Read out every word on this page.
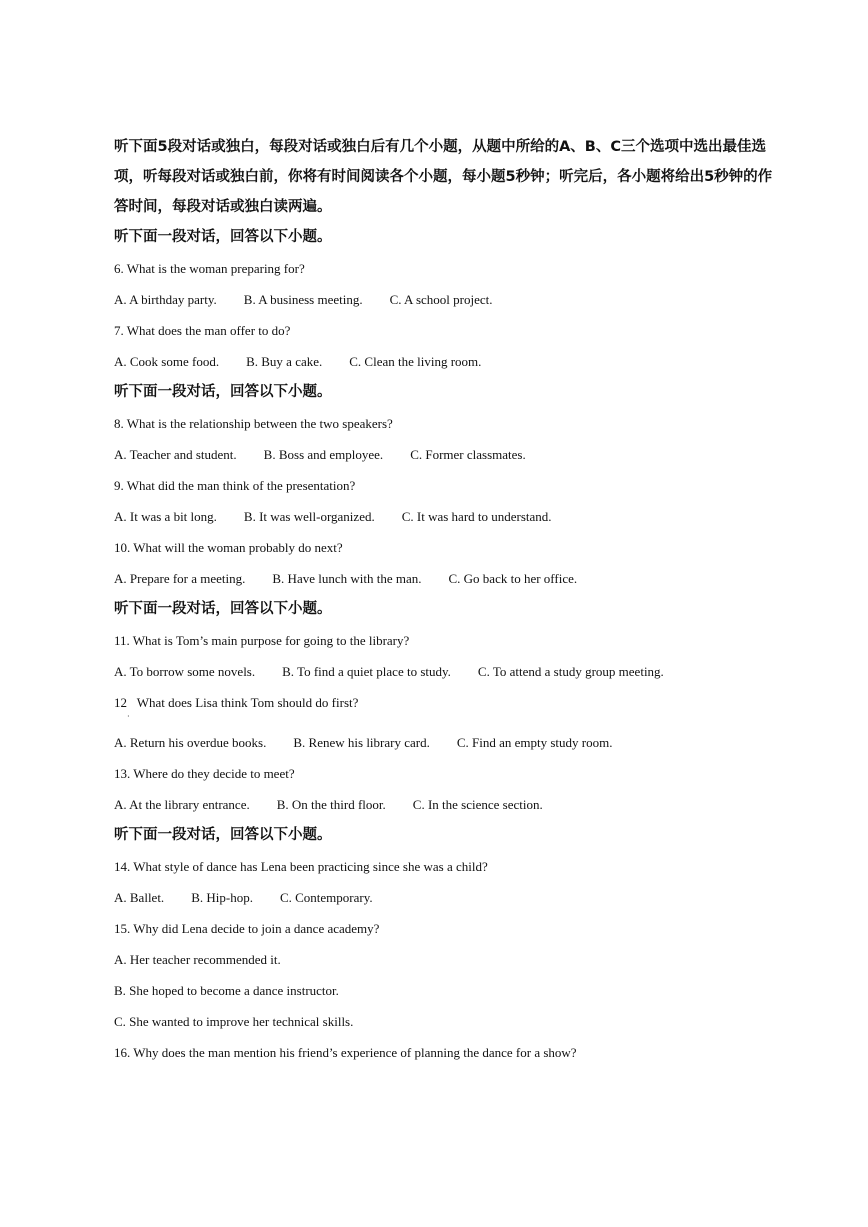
听下面5段对话或独白，每段对话或独白后有几个小题，从题中所给的A、B、C三个选项中选出最佳选项，听每段对话或独白前，你将有时间阅读各个小题，每小题5秒钟；听完后，各小题将给出5秒钟的作答时间，每段对话或独白读两遍。

听下面一段对话，回答以下小题。
6. What is the woman preparing for?
A. A birthday party. B. A business meeting. C. A school project.
7. What does the man offer to do?
A. Cook some food. B. Buy a cake. C. Clean the living room.
听下面一段对话，回答以下小题。
8. What is the relationship between the two speakers?
A. Teacher and student. B. Boss and employee. C. Former classmates.
9. What did the man think of the presentation?
A. It was a bit long. B. It was well-organized. C. It was hard to understand.
10. What will the woman probably do next?
A. Prepare for a meeting. B. Have lunch with the man. C. Go back to her office.
听下面一段对话，回答以下小题。
11. What is Tom’s main purpose for going to the library?
A. To borrow some novels. B. To find a quiet place to study. C. To attend a study group meeting.
12 What does Lisa think Tom should do first?
·
A. Return his overdue books. B. Renew his library card. C. Find an empty study room.
13. Where do they decide to meet?
A. At the library entrance. B. On the third floor. C. In the science section.
听下面一段对话，回答以下小题。
14. What style of dance has Lena been practicing since she was a child?
A. Ballet. B. Hip-hop. C. Contemporary.
15. Why did Lena decide to join a dance academy?
A. Her teacher recommended it.
B. She hoped to become a dance instructor.
C. She wanted to improve her technical skills.
16. Why does the man mention his friend’s experience of planning the dance for a show?
